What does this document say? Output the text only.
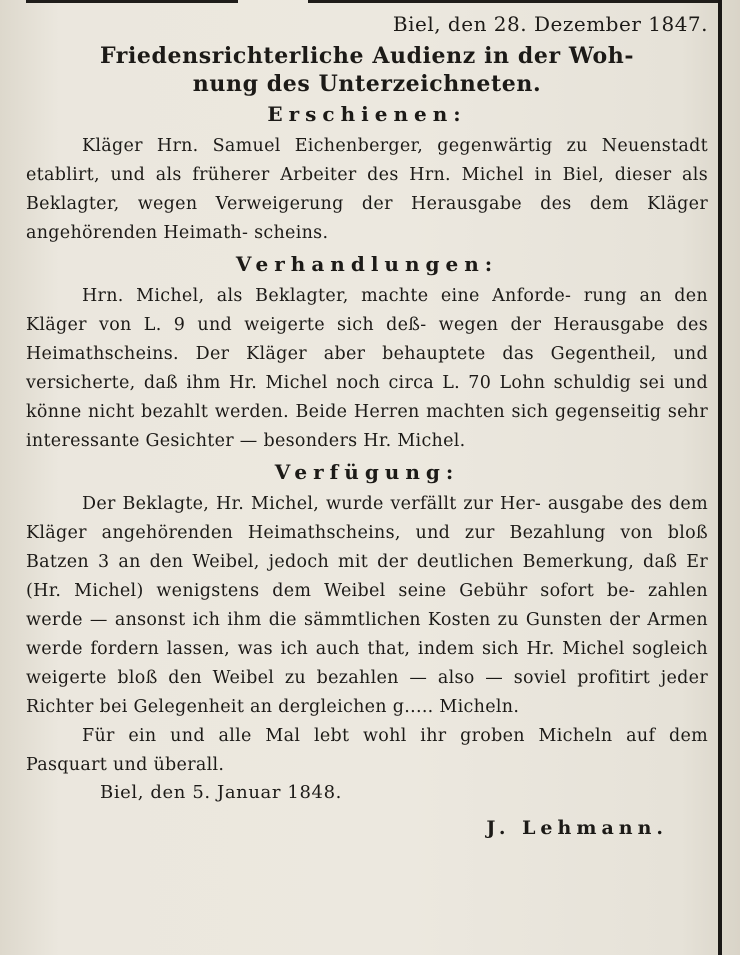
Biel, den 28. Dezember 1847.

Friedensrichterliche Audienz in der Woh-
nung des Unterzeichneten.

Erschienen:

Kläger Hrn. Samuel Eichenberger, gegenwärtig zu Neuenstadt etablirt, und als früherer Arbeiter des Hrn. Michel in Biel, dieser als Beklagter, wegen Verweigerung der Herausgabe des dem Kläger angehörenden Heimath- scheins.

Verhandlungen:

Hrn. Michel, als Beklagter, machte eine Anforde- rung an den Kläger von L. 9 und weigerte sich deß- wegen der Herausgabe des Heimathscheins. Der Kläger aber behauptete das Gegentheil, und versicherte, daß ihm Hr. Michel noch circa L. 70 Lohn schuldig sei und könne nicht bezahlt werden. Beide Herren machten sich gegenseitig sehr interessante Gesichter — besonders Hr. Michel.

Verfügung:

Der Beklagte, Hr. Michel, wurde verfällt zur Her- ausgabe des dem Kläger angehörenden Heimathscheins, und zur Bezahlung von bloß Batzen 3 an den Weibel, jedoch mit der deutlichen Bemerkung, daß Er (Hr. Michel) wenigstens dem Weibel seine Gebühr sofort be- zahlen werde — ansonst ich ihm die sämmtlichen Kosten zu Gunsten der Armen werde fordern lassen, was ich auch that, indem sich Hr. Michel sogleich weigerte bloß den Weibel zu bezahlen — also — soviel profitirt jeder Richter bei Gelegenheit an dergleichen g..... Micheln.

Für ein und alle Mal lebt wohl ihr groben Micheln auf dem Pasquart und überall.

Biel, den 5. Januar 1848.

J. Lehmann.
